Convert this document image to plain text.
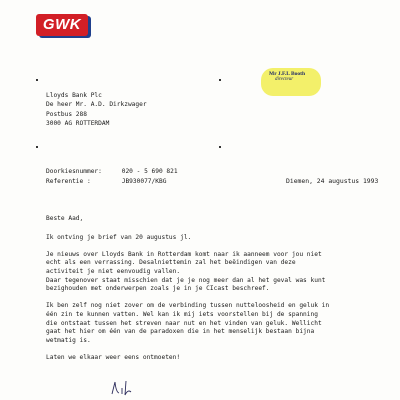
GWK
Mr J.F.L Booth
directeur
Lloyds Bank Plc
De heer Mr. A.D. Dirkzwager
Postbus 288
3000 AG ROTTERDAM
Doorkiesnummer:	020 - 5 690 821
Referentie :	JB930077/KBG	Diemen, 24 augustus 1993

Beste Aad,

Ik ontving je brief van 20 augustus jl.

Je nieuws over Lloyds Bank in Rotterdam komt naar ik aanneem voor jou niet
echt als een verrassing. Desalniettemin zal het beëindigen van deze
activiteit je niet eenvoudig vallen.
Daar tegenover staat misschien dat je je nog meer dan al het geval was kunt
bezighouden met onderwerpen zoals je in je CIcast beschreef.

Ik ben zelf nog niet zover om de verbinding tussen nutteloosheid en geluk in
één zin te kunnen vatten. Wel kan ik mij iets voorstellen bij de spanning
die ontstaat tussen het streven naar nut en het vinden van geluk. Wellicht
gaat het hier om één van de paradoxen die in het menselijk bestaan bijna
wetmatig is.

Laten we elkaar weer eens ontmoeten!
